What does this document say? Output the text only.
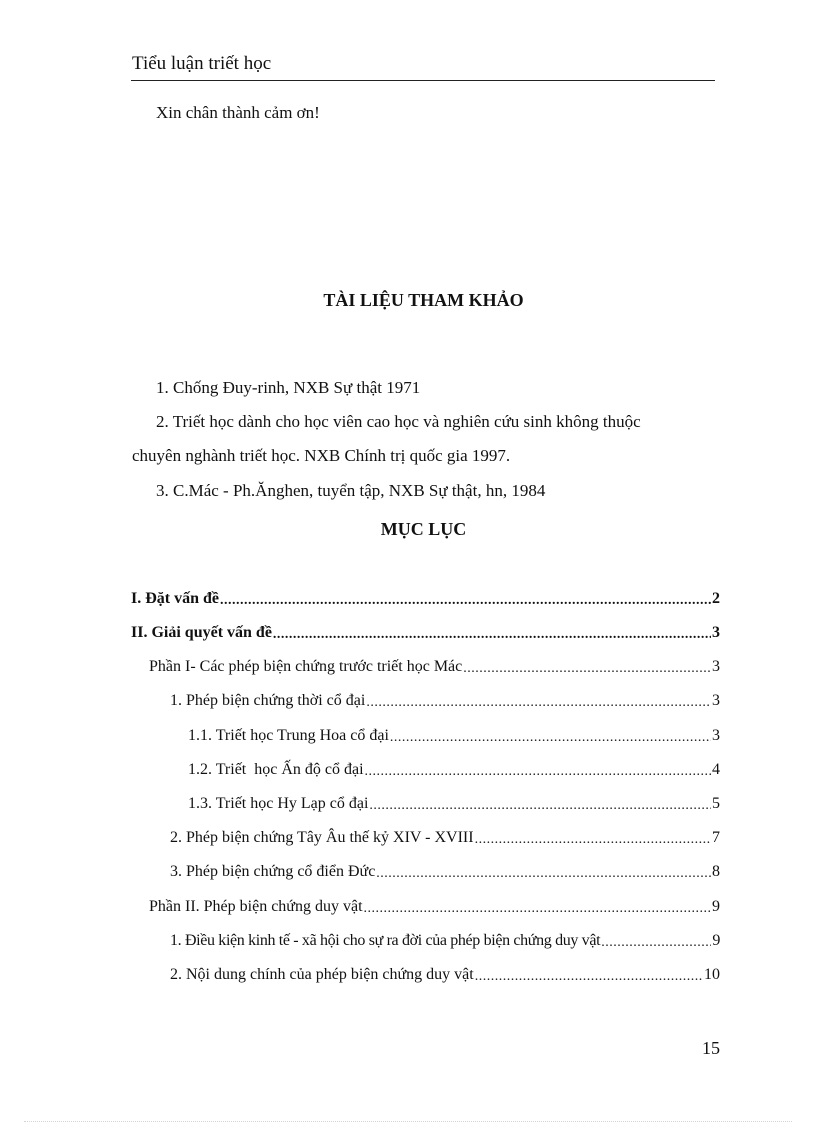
Tiểu luận triết học
Xin chân thành cảm ơn!
TÀI LIỆU THAM KHẢO
1. Chống Đuy-rinh, NXB Sự thật 1971
2. Triết học dành cho học viên cao học và nghiên cứu sinh không thuộc
chuyên nghành triết học. NXB Chính trị quốc gia 1997.
3. C.Mác - Ph.Ănghen, tuyển tập, NXB Sự thật, hn, 1984
MỤC LỤC
I. Đặt vấn đề .....	2
II. Giải quyết vấn đề .....	3
Phần I- Các phép biện chứng trước triết học Mác .....	3
1. Phép biện chứng thời cổ đại .....	3
1.1. Triết học Trung Hoa cổ đại .....	3
1.2. Triết  học Ấn độ cổ đại .....	4
1.3. Triết học Hy Lạp cổ đại .....	5
2. Phép biện chứng Tây Âu thế kỷ XIV - XVIII .....	7
3. Phép biện chứng cổ điển Đức .....	8
Phần II. Phép biện chứng duy vật .....	9
1. Điều kiện kinh tế - xã hội cho sự ra đời của phép biện chứng duy vật .....	9
2. Nội dung chính của phép biện chứng duy vật .....	10
15
